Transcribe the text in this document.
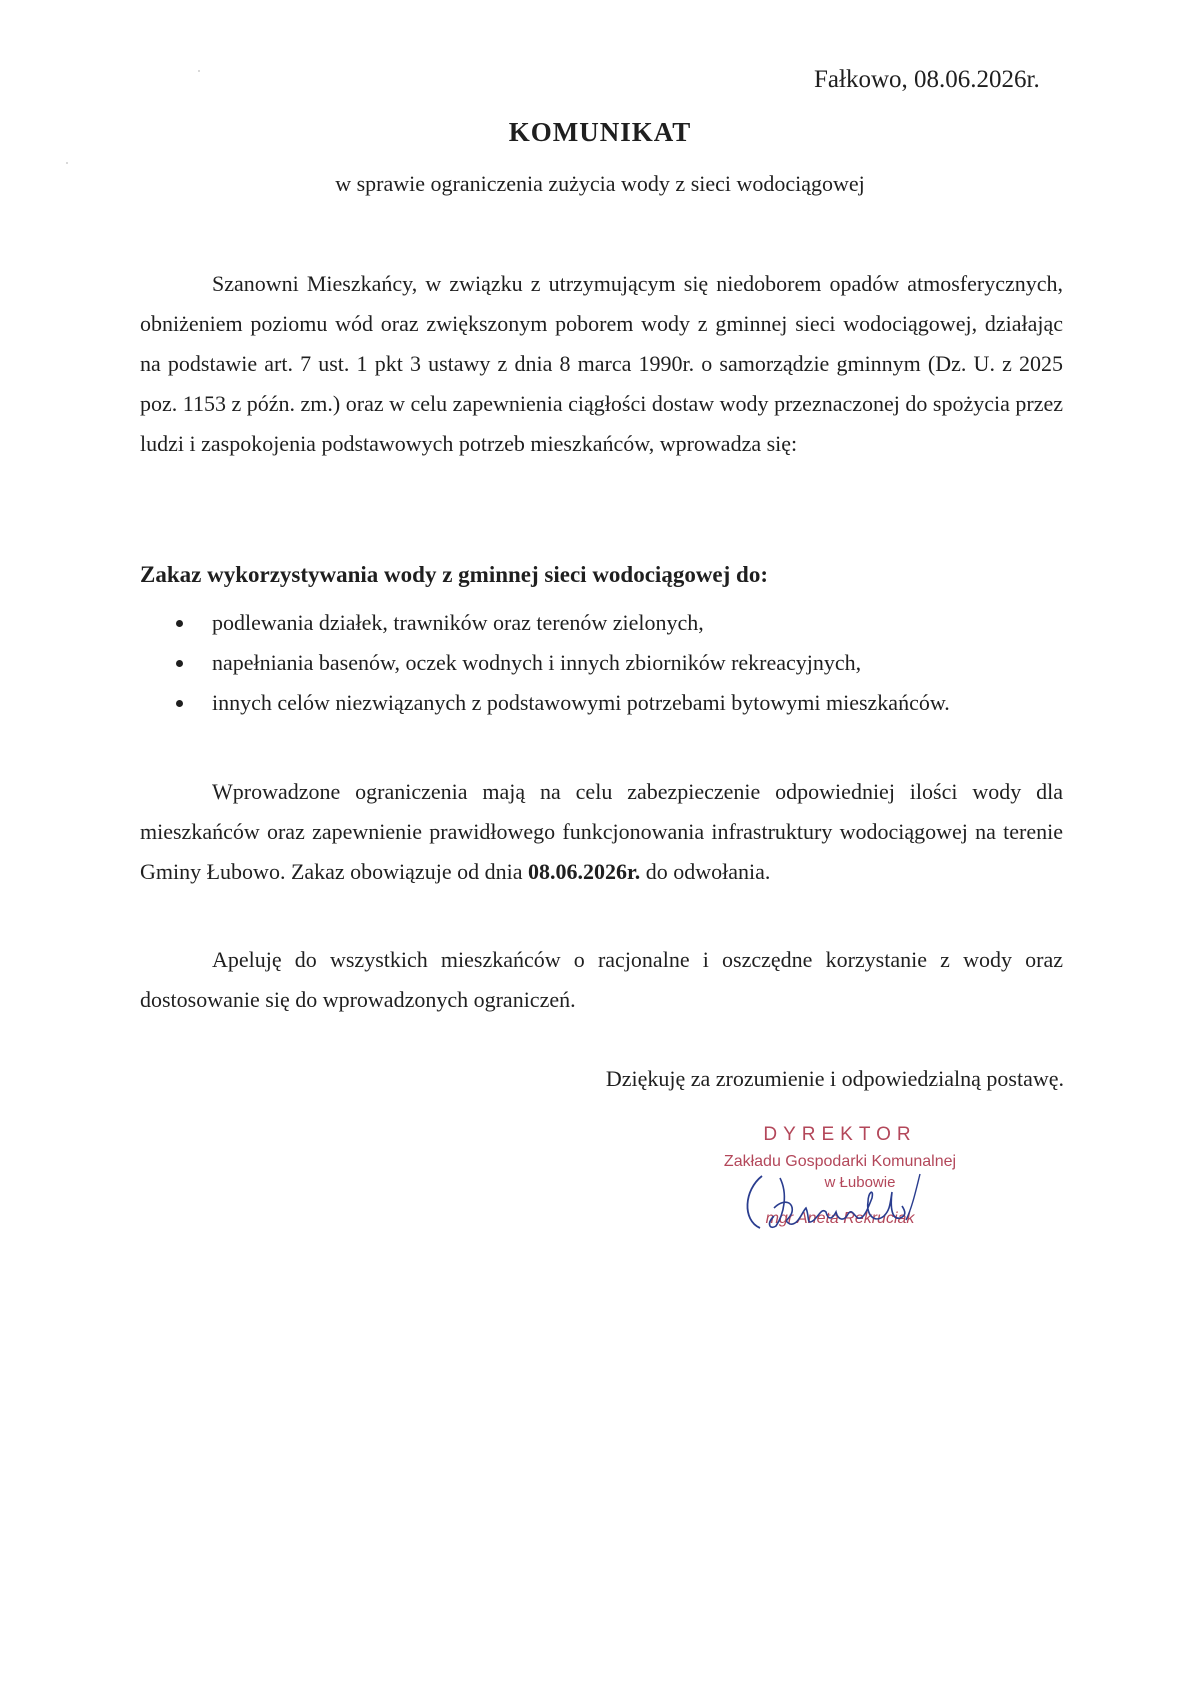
Fałkowo, 08.06.2026r.
KOMUNIKAT
w sprawie ograniczenia zużycia wody z sieci wodociągowej

Szanowni Mieszkańcy, w związku z utrzymującym się niedoborem opadów atmosferycznych, obniżeniem poziomu wód oraz zwiększonym poborem wody z gminnej sieci wodociągowej, działając na podstawie art. 7 ust. 1 pkt 3 ustawy z dnia 8 marca 1990r. o samorządzie gminnym (Dz. U. z 2025 poz. 1153 z późn. zm.) oraz w celu zapewnienia ciągłości dostaw wody przeznaczonej do spożycia przez ludzi i zaspokojenia podstawowych potrzeb mieszkańców, wprowadza się:

Zakaz wykorzystywania wody z gminnej sieci wodociągowej do:
podlewania działek, trawników oraz terenów zielonych,
napełniania basenów, oczek wodnych i innych zbiorników rekreacyjnych,
innych celów niezwiązanych z podstawowymi potrzebami bytowymi mieszkańców.

Wprowadzone ograniczenia mają na celu zabezpieczenie odpowiedniej ilości wody dla mieszkańców oraz zapewnienie prawidłowego funkcjonowania infrastruktury wodociągowej na terenie Gminy Łubowo. Zakaz obowiązuje od dnia 08.06.2026r. do odwołania.

Apeluję do wszystkich mieszkańców o racjonalne i oszczędne korzystanie z wody oraz dostosowanie się do wprowadzonych ograniczeń.

Dziękuję za zrozumienie i odpowiedzialną postawę.
DYREKTOR
Zakładu Gospodarki Komunalnej
w Łubowie
mgr Aneta Rekruciak
